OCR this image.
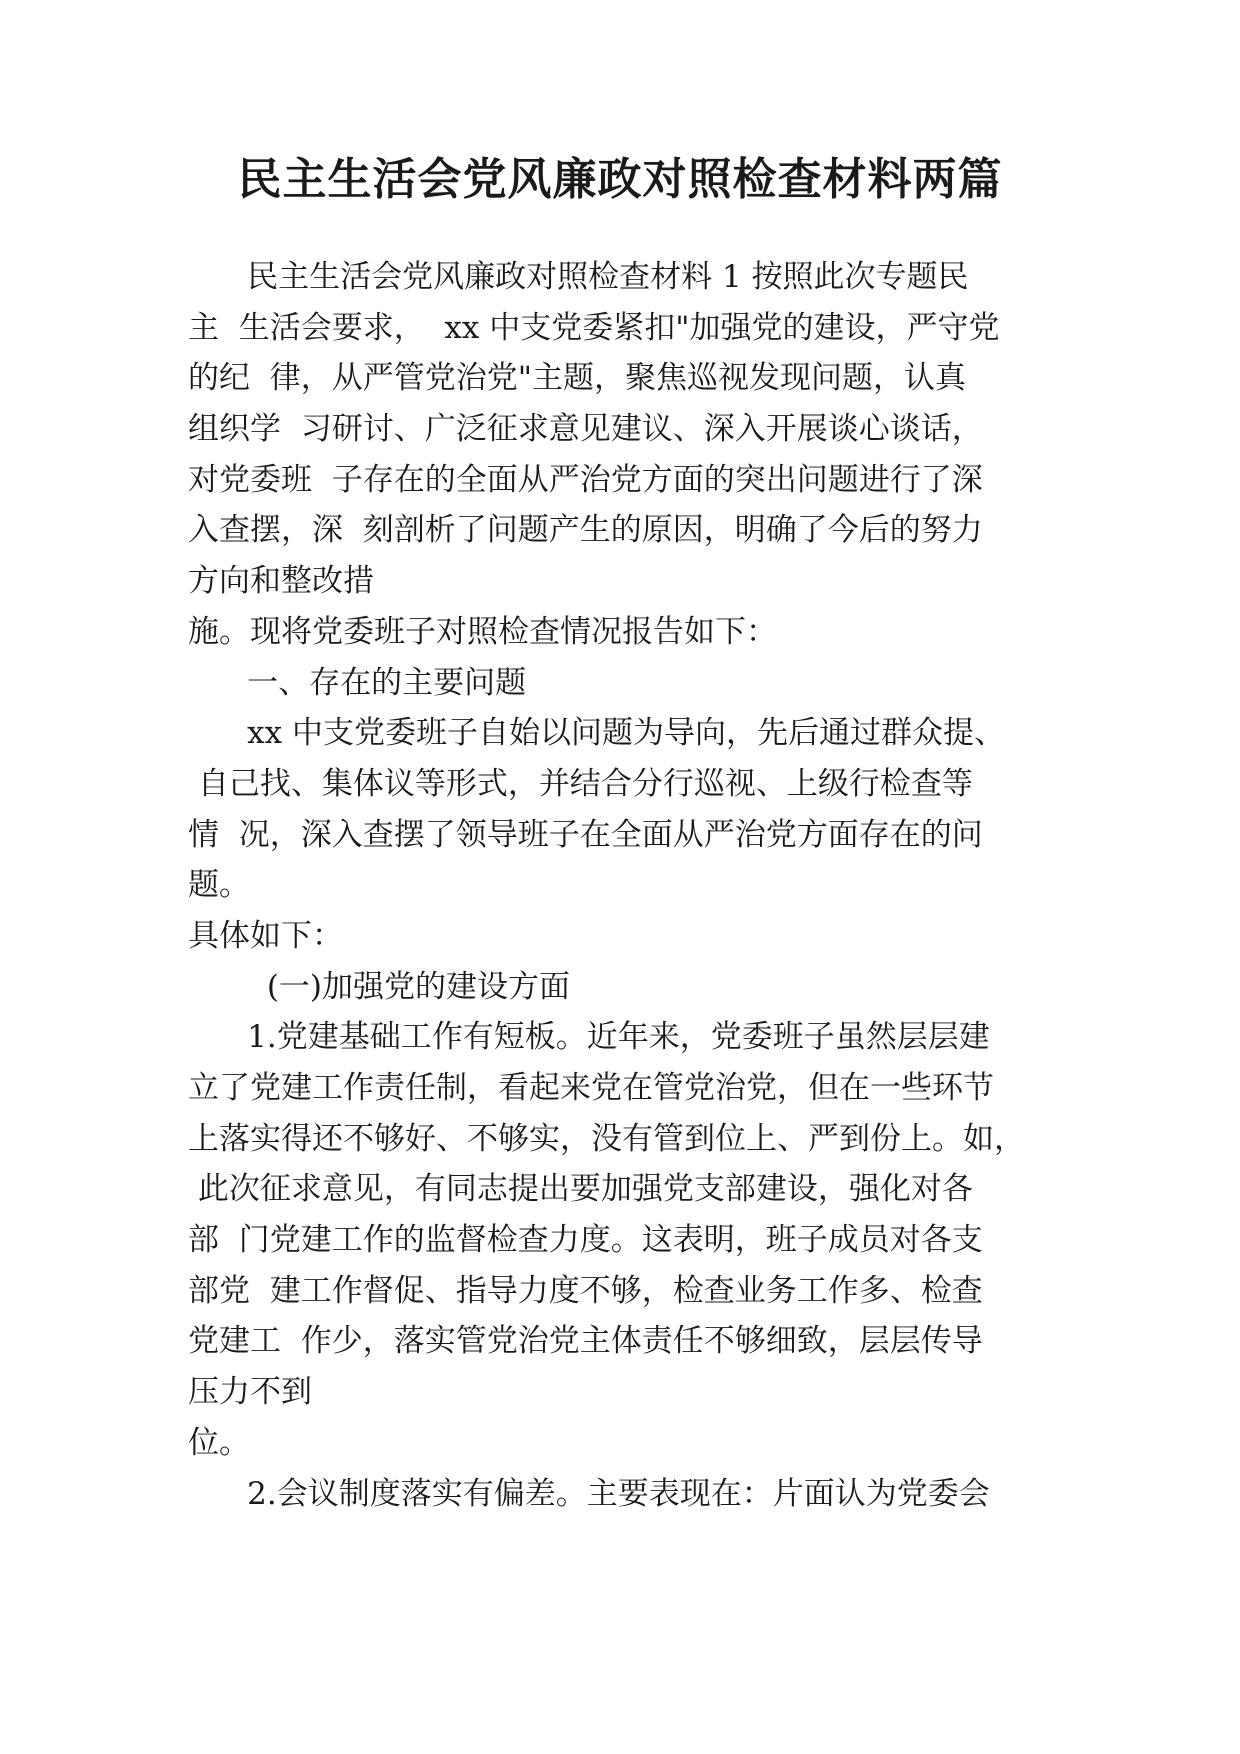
民主生活会党风廉政对照检查材料两篇
民主生活会党风廉政对照检查材料 1 按照此次专题民
主  生活会要求，  xx 中支党委紧扣"加强党的建设，严守党
的纪  律，从严管党治党"主题，聚焦巡视发现问题，认真
组织学  习研讨、广泛征求意见建议、深入开展谈心谈话，
对党委班  子存在的全面从严治党方面的突出问题进行了深
入查摆，深  刻剖析了问题产生的原因，明确了今后的努力
方向和整改措
施。现将党委班子对照检查情况报告如下：
一、存在的主要问题
xx 中支党委班子自始以问题为导向，先后通过群众提、
自己找、集体议等形式，并结合分行巡视、上级行检查等
情  况，深入查摆了领导班子在全面从严治党方面存在的问
题。
具体如下：
(一)加强党的建设方面
1.党建基础工作有短板。近年来，党委班子虽然层层建
立了党建工作责任制，看起来党在管党治党，但在一些环节
上落实得还不够好、不够实，没有管到位上、严到份上。如，
此次征求意见，有同志提出要加强党支部建设，强化对各
部  门党建工作的监督检查力度。这表明，班子成员对各支
部党  建工作督促、指导力度不够，检查业务工作多、检查
党建工  作少，落实管党治党主体责任不够细致，层层传导
压力不到
位。
2.会议制度落实有偏差。主要表现在：片面认为党委会
